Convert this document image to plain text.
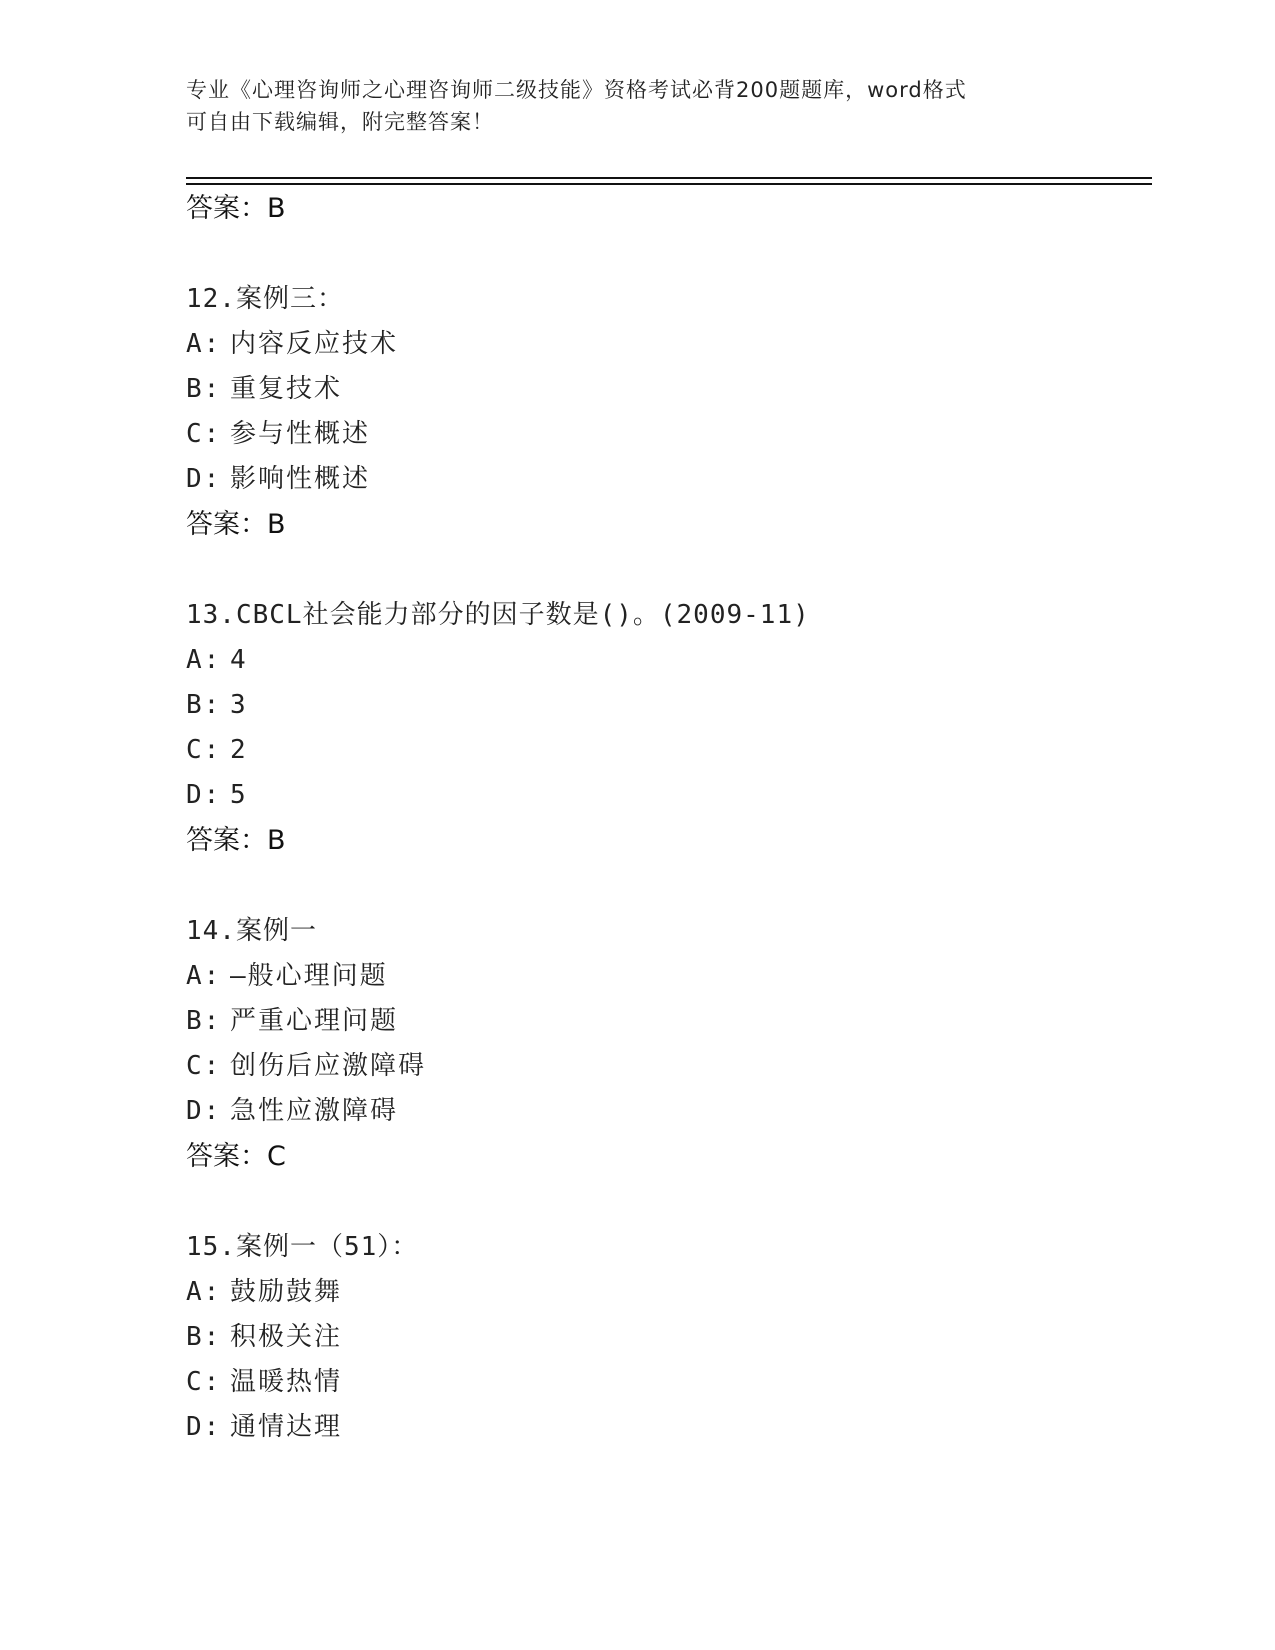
专业《心理咨询师之心理咨询师二级技能》资格考试必背200题题库，word格式
可自由下载编辑，附完整答案！
答案：B
12.案例三：
A: 内容反应技术
B: 重复技术
C: 参与性概述
D: 影响性概述
答案：B
13.CBCL社会能力部分的因子数是()。(2009-11)
A: 4
B: 3
C: 2
D: 5
答案：B
14.案例一
A: —般心理问题
B: 严重心理问题
C: 创伤后应激障碍
D: 急性应激障碍
答案：C
15.案例一（51）：
A: 鼓励鼓舞
B: 积极关注
C: 温暖热情
D: 通情达理
